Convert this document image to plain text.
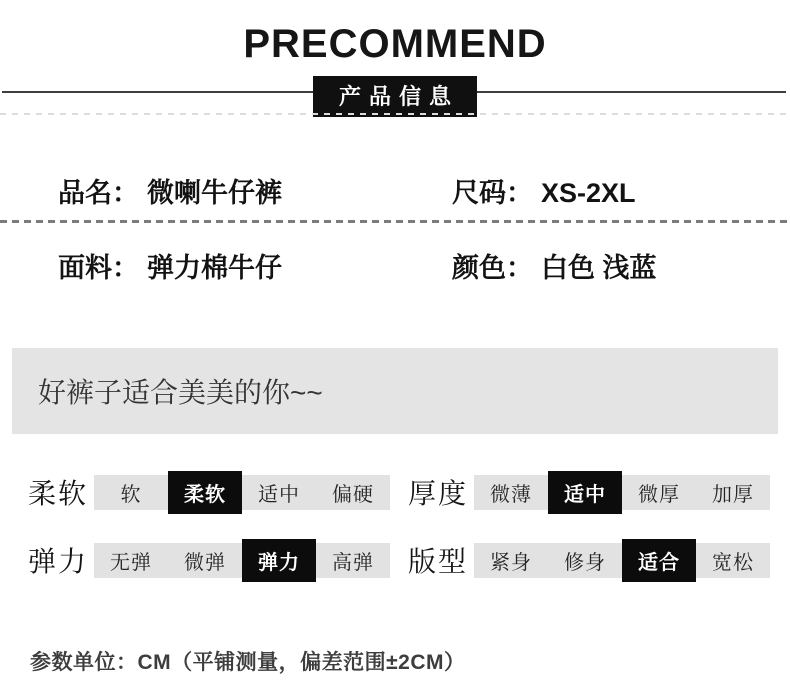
PRECOMMEND
产品信息
品名： 微喇牛仔裤	尺码： XS-2XL
面料： 弹力棉牛仔	颜色： 白色 浅蓝
好裤子适合美美的你~~
柔软	软	柔软	适中	偏硬	厚度	微薄	适中	微厚	加厚
弹力	无弹	微弹	弹力	高弹	版型	紧身	修身	适合	宽松
参数单位：CM（平铺测量，偏差范围±2CM）
